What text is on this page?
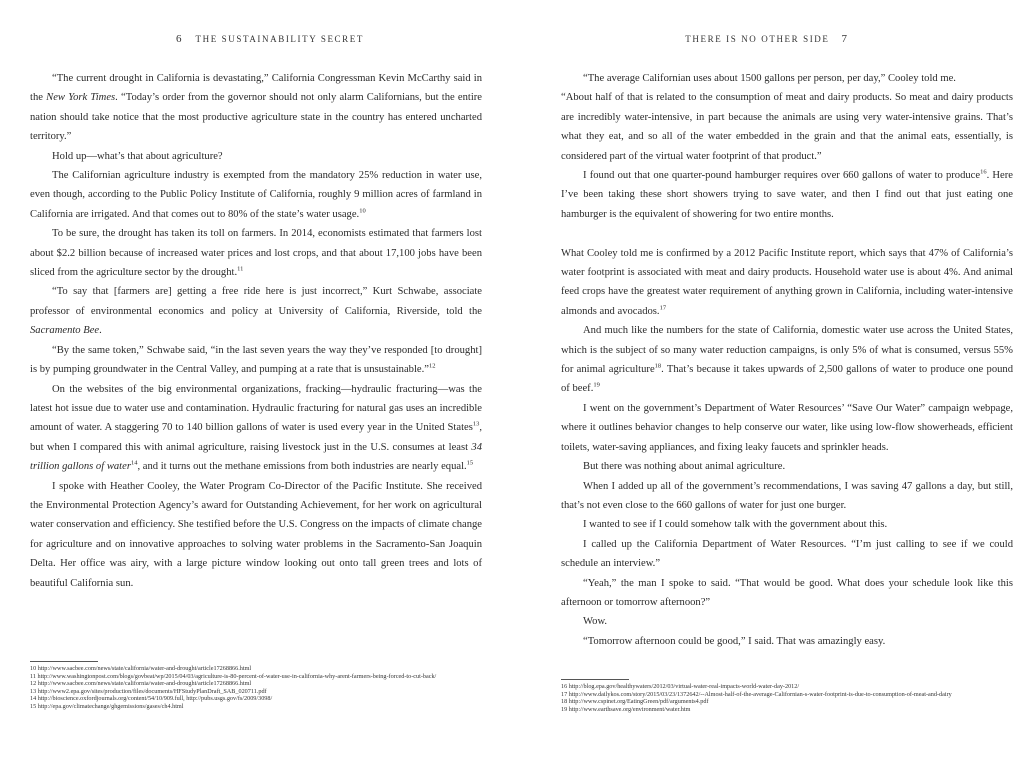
6 THE SUSTAINABILITY SECRET

“The current drought in California is devastating,” California Congressman Kevin McCarthy said in the New York Times. “Today’s order from the governor should not only alarm Californians, but the entire nation should take notice that the most productive agriculture state in the country has entered uncharted territory.”

Hold up—what’s that about agriculture?

The Californian agriculture industry is exempted from the mandatory 25% reduction in water use, even though, according to the Public Policy Institute of California, roughly 9 million acres of farmland in California are irrigated. And that comes out to 80% of the state’s water usage.$^{10}$

To be sure, the drought has taken its toll on farmers. In 2014, economists estimated that farmers lost about $2.2 billion because of increased water prices and lost crops, and that about 17,100 jobs have been sliced from the agriculture sector by the drought.$^{11}$

“To say that [farmers are] getting a free ride here is just incorrect,” Kurt Schwabe, associate professor of environmental economics and policy at University of California, Riverside, told the Sacramento Bee.

“By the same token,” Schwabe said, “in the last seven years the way they’ve responded [to drought] is by pumping groundwater in the Central Valley, and pumping at a rate that is unsustainable.”$^{12}$

On the websites of the big environmental organizations, fracking—hydraulic fracturing—was the latest hot issue due to water use and contamination. Hydraulic fracturing for natural gas uses an incredible amount of water. A staggering 70 to 140 billion gallons of water is used every year in the United States$^{13}$, but when I compared this with animal agriculture, raising livestock just in the U.S. consumes at least 34 trillion gallons of water$^{14}$, and it turns out the methane emissions from both industries are nearly equal.$^{15}$

I spoke with Heather Cooley, the Water Program Co-Director of the Pacific Institute. She received the Environmental Protection Agency’s award for Outstanding Achievement, for her work on agricultural water conservation and efficiency. She testified before the U.S. Congress on the impacts of climate change for agriculture and on innovative approaches to solving water problems in the Sacramento-San Joaquin Delta. Her office was airy, with a large picture window looking out onto tall green trees and lots of beautiful California sun.

10 http://www.sacbee.com/news/state/california/water-and-drought/article17268866.html
11 http://www.washingtonpost.com/blogs/govbeat/wp/2015/04/03/agriculture-is-80-percent-of-water-use-in-california-why-arent-farmers-being-forced-to-cut-back/
12 http://www.sacbee.com/news/state/california/water-and-drought/article17268866.html
13 http://www2.epa.gov/sites/production/files/documents/HFStudyPlanDraft_SAB_020711.pdf
14 http://bioscience.oxfordjournals.org/content/54/10/909.full, http://pubs.usgs.gov/fs/2009/3098/
15 http://epa.gov/climatechange/ghgemissions/gases/ch4.html
THERE IS NO OTHER SIDE 7

“The average Californian uses about 1500 gallons per person, per day,” Cooley told me.

“About half of that is related to the consumption of meat and dairy products. So meat and dairy products are incredibly water-intensive, in part because the animals are using very water-intensive grains. That’s what they eat, and so all of the water embedded in the grain and that the animal eats, essentially, is considered part of the virtual water footprint of that product.”

I found out that one quarter-pound hamburger requires over 660 gallons of water to produce$^{16}$. Here I’ve been taking these short showers trying to save water, and then I find out that just eating one hamburger is the equivalent of showering for two entire months.

What Cooley told me is confirmed by a 2012 Pacific Institute report, which says that 47% of California’s water footprint is associated with meat and dairy products. Household water use is about 4%. And animal feed crops have the greatest water requirement of anything grown in California, including water-intensive almonds and avocados.$^{17}$

And much like the numbers for the state of California, domestic water use across the United States, which is the subject of so many water reduction campaigns, is only 5% of what is consumed, versus 55% for animal agriculture$^{18}$. That’s because it takes upwards of 2,500 gallons of water to produce one pound of beef.$^{19}$

I went on the government’s Department of Water Resources’ “Save Our Water” campaign webpage, where it outlines behavior changes to help conserve our water, like using low-flow showerheads, efficient toilets, water-saving appliances, and fixing leaky faucets and sprinkler heads.

But there was nothing about animal agriculture.

When I added up all of the government’s recommendations, I was saving 47 gallons a day, but still, that’s not even close to the 660 gallons of water for just one burger.

I wanted to see if I could somehow talk with the government about this.

I called up the California Department of Water Resources. “I’m just calling to see if we could schedule an interview.”

“Yeah,” the man I spoke to said. “That would be good. What does your schedule look like this afternoon or tomorrow afternoon?”

Wow.

“Tomorrow afternoon could be good,” I said. That was amazingly easy.

16 http://blog.epa.gov/healthywaters/2012/03/virtual-water-real-impacts-world-water-day-2012/
17 http://www.dailykos.com/story/2015/03/23/1372642/--Almost-half-of-the-average-Californian-s-water-footprint-is-due-to-consumption-of-meat-and-dairy
18 http://www.cspinet.org/EatingGreen/pdf/arguments4.pdf
19 http://www.earthsave.org/environment/water.htm
